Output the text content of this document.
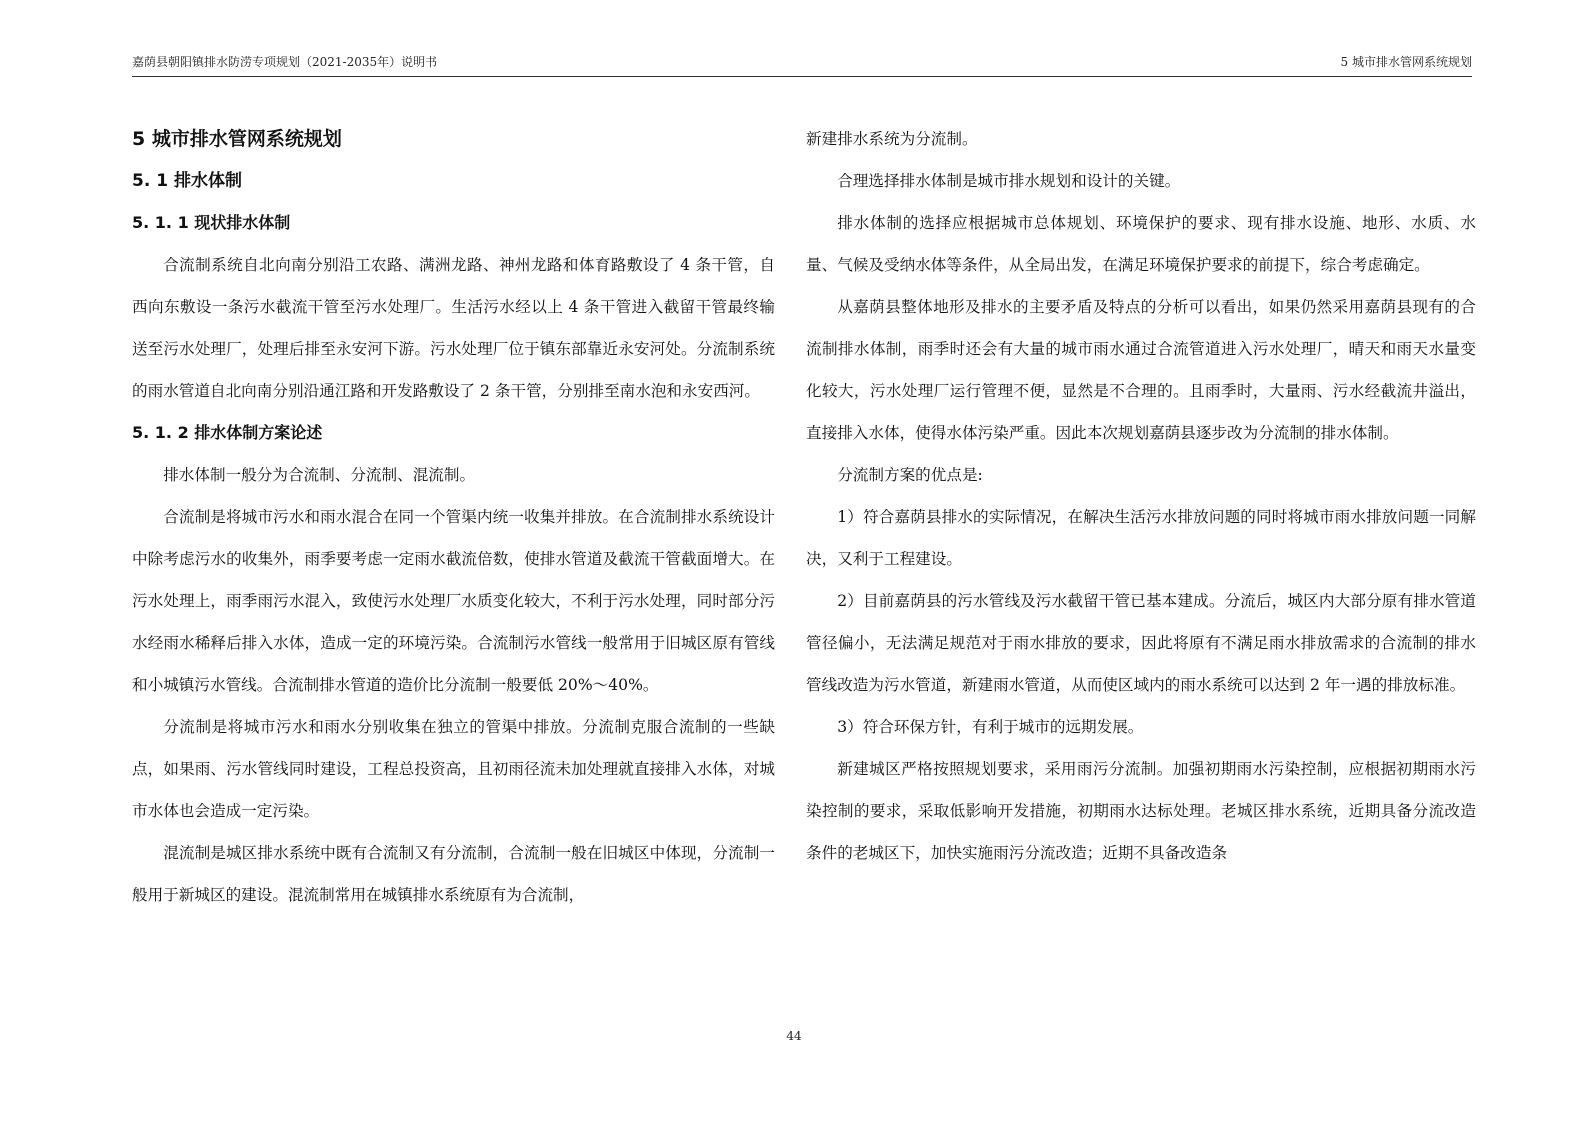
嘉荫县朝阳镇排水防涝专项规划（2021-2035年）说明书	5 城市排水管网系统规划
5 城市排水管网系统规划
5. 1 排水体制
5. 1. 1 现状排水体制

合流制系统自北向南分别沿工农路、满洲龙路、神州龙路和体育路敷设了 4 条干管，自西向东敷设一条污水截流干管至污水处理厂。生活污水经以上 4 条干管进入截留干管最终输送至污水处理厂，处理后排至永安河下游。污水处理厂位于镇东部靠近永安河处。分流制系统的雨水管道自北向南分别沿通江路和开发路敷设了 2 条干管，分别排至南水泡和永安西河。

5. 1. 2 排水体制方案论述

排水体制一般分为合流制、分流制、混流制。

合流制是将城市污水和雨水混合在同一个管渠内统一收集并排放。在合流制排水系统设计中除考虑污水的收集外，雨季要考虑一定雨水截流倍数，使排水管道及截流干管截面增大。在污水处理上，雨季雨污水混入，致使污水处理厂水质变化较大，不利于污水处理，同时部分污水经雨水稀释后排入水体，造成一定的环境污染。合流制污水管线一般常用于旧城区原有管线和小城镇污水管线。合流制排水管道的造价比分流制一般要低 20%～40%。

分流制是将城市污水和雨水分别收集在独立的管渠中排放。分流制克服合流制的一些缺点，如果雨、污水管线同时建设，工程总投资高，且初雨径流未加处理就直接排入水体，对城市水体也会造成一定污染。

混流制是城区排水系统中既有合流制又有分流制，合流制一般在旧城区中体现，分流制一般用于新城区的建设。混流制常用在城镇排水系统原有为合流制，

新建排水系统为分流制。

合理选择排水体制是城市排水规划和设计的关键。

排水体制的选择应根据城市总体规划、环境保护的要求、现有排水设施、地形、水质、水量、气候及受纳水体等条件，从全局出发，在满足环境保护要求的前提下，综合考虑确定。

从嘉荫县整体地形及排水的主要矛盾及特点的分析可以看出，如果仍然采用嘉荫县现有的合流制排水体制，雨季时还会有大量的城市雨水通过合流管道进入污水处理厂，晴天和雨天水量变化较大，污水处理厂运行管理不便，显然是不合理的。且雨季时，大量雨、污水经截流井溢出，直接排入水体，使得水体污染严重。因此本次规划嘉荫县逐步改为分流制的排水体制。

分流制方案的优点是:

1）符合嘉荫县排水的实际情况，在解决生活污水排放问题的同时将城市雨水排放问题一同解决，又利于工程建设。

2）目前嘉荫县的污水管线及污水截留干管已基本建成。分流后，城区内大部分原有排水管道管径偏小，无法满足规范对于雨水排放的要求，因此将原有不满足雨水排放需求的合流制的排水管线改造为污水管道，新建雨水管道，从而使区域内的雨水系统可以达到 2 年一遇的排放标准。

3）符合环保方针，有利于城市的远期发展。

新建城区严格按照规划要求，采用雨污分流制。加强初期雨水污染控制，应根据初期雨水污染控制的要求，采取低影响开发措施，初期雨水达标处理。老城区排水系统，近期具备分流改造条件的老城区下，加快实施雨污分流改造；近期不具备改造条

44
